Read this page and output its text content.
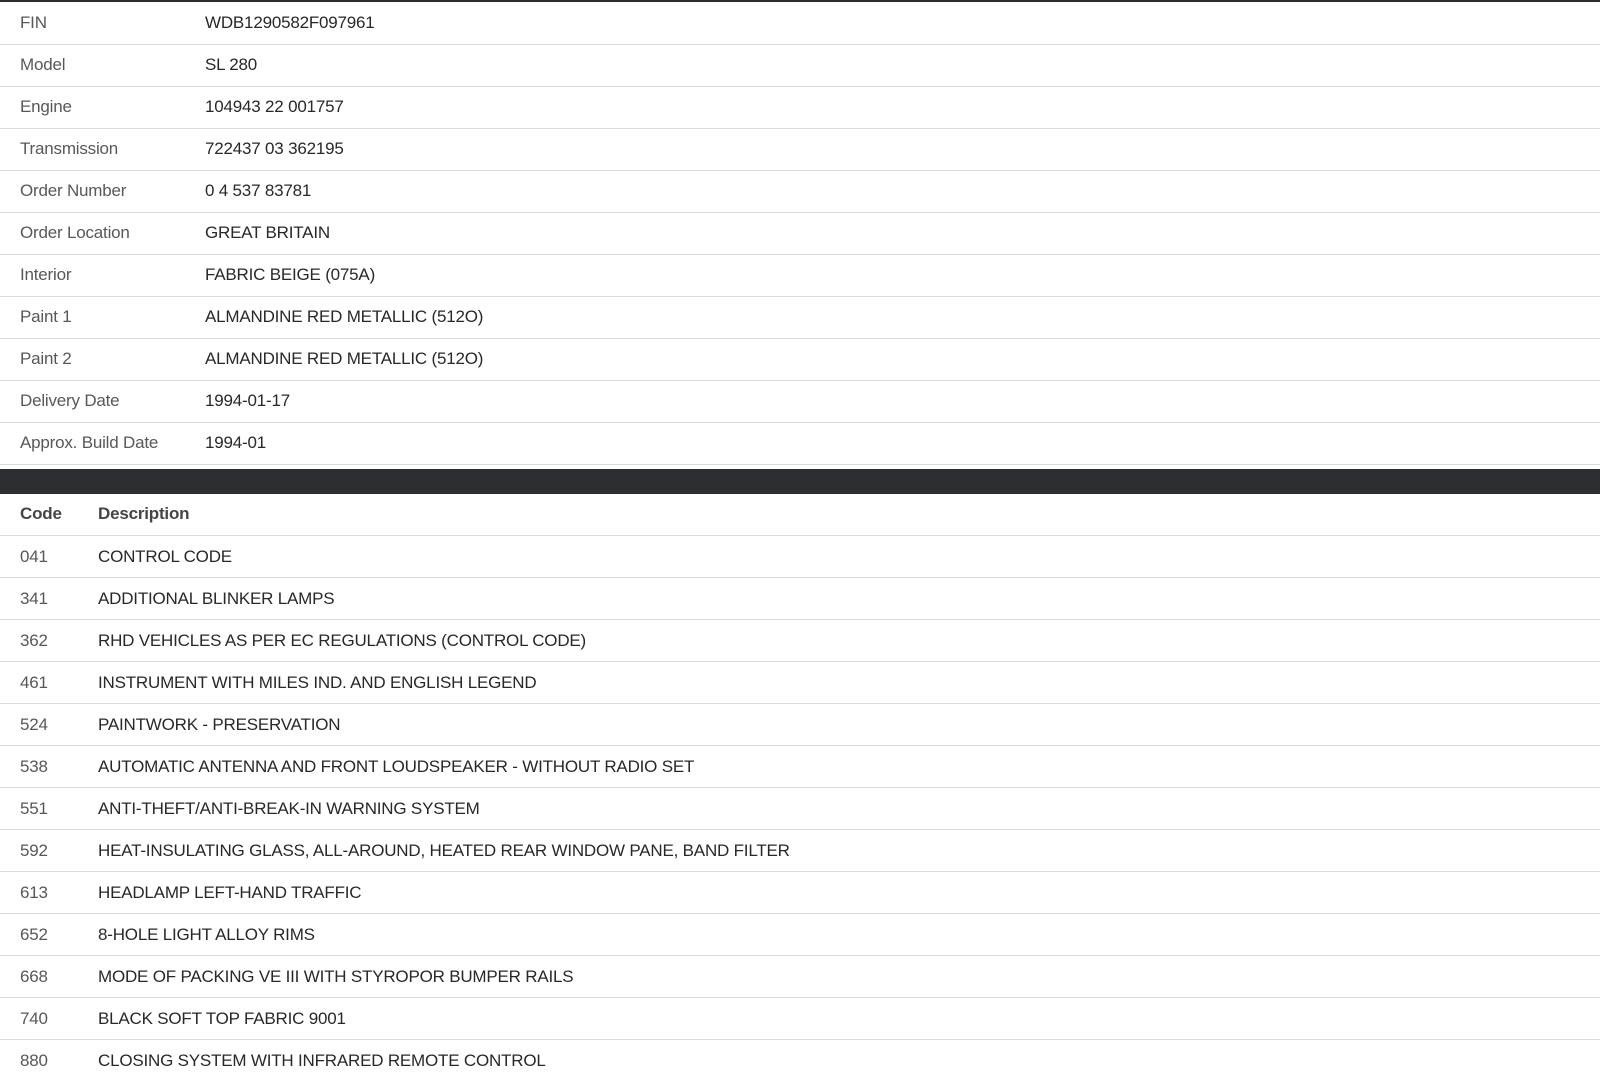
FIN	WDB1290582F097961
Model	SL 280
Engine	104943 22 001757
Transmission	722437 03 362195
Order Number	0 4 537 83781
Order Location	GREAT BRITAIN
Interior	FABRIC BEIGE (075A)
Paint 1	ALMANDINE RED METALLIC (512O)
Paint 2	ALMANDINE RED METALLIC (512O)
Delivery Date	1994-01-17
Approx. Build Date	1994-01
Code	Description
041	CONTROL CODE
341	ADDITIONAL BLINKER LAMPS
362	RHD VEHICLES AS PER EC REGULATIONS (CONTROL CODE)
461	INSTRUMENT WITH MILES IND. AND ENGLISH LEGEND
524	PAINTWORK - PRESERVATION
538	AUTOMATIC ANTENNA AND FRONT LOUDSPEAKER - WITHOUT RADIO SET
551	ANTI-THEFT/ANTI-BREAK-IN WARNING SYSTEM
592	HEAT-INSULATING GLASS, ALL-AROUND, HEATED REAR WINDOW PANE, BAND FILTER
613	HEADLAMP LEFT-HAND TRAFFIC
652	8-HOLE LIGHT ALLOY RIMS
668	MODE OF PACKING VE III WITH STYROPOR BUMPER RAILS
740	BLACK SOFT TOP FABRIC 9001
880	CLOSING SYSTEM WITH INFRARED REMOTE CONTROL
